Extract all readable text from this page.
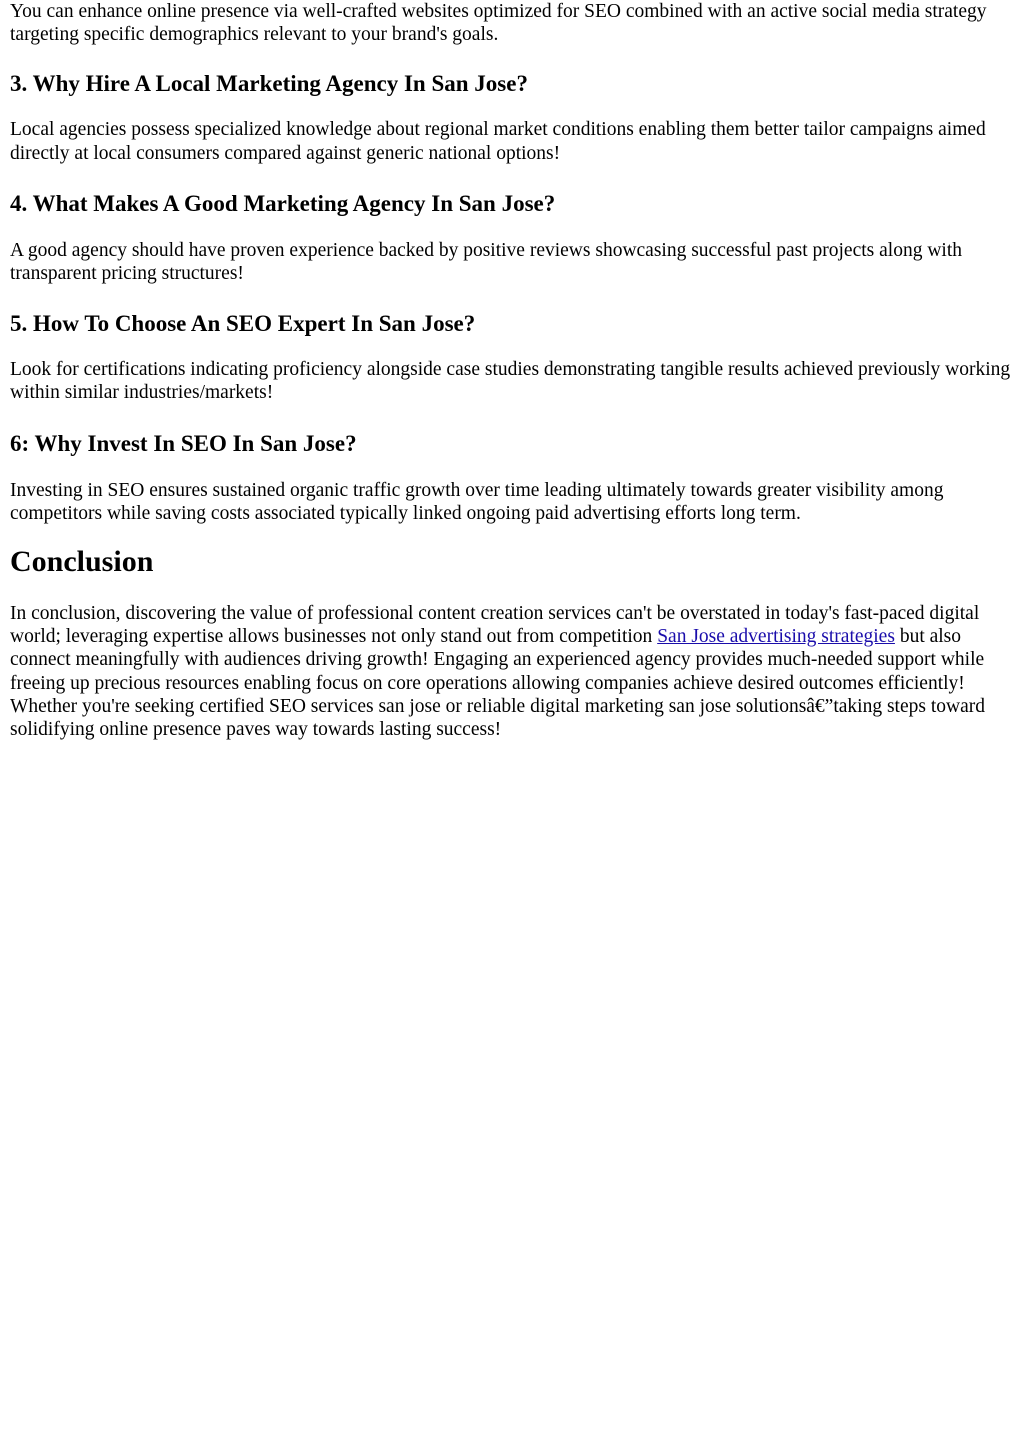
You can enhance online presence via well-crafted websites optimized for SEO combined with an active social media strategy targeting specific demographics relevant to your brand's goals.

3. Why Hire A Local Marketing Agency In San Jose?

Local agencies possess specialized knowledge about regional market conditions enabling them better tailor campaigns aimed directly at local consumers compared against generic national options!

4. What Makes A Good Marketing Agency In San Jose?

A good agency should have proven experience backed by positive reviews showcasing successful past projects along with transparent pricing structures!

5. How To Choose An SEO Expert In San Jose?

Look for certifications indicating proficiency alongside case studies demonstrating tangible results achieved previously working within similar industries/markets!

6: Why Invest In SEO In San Jose?

Investing in SEO ensures sustained organic traffic growth over time leading ultimately towards greater visibility among competitors while saving costs associated typically linked ongoing paid advertising efforts long term.

Conclusion

In conclusion, discovering the value of professional content creation services can't be overstated in today's fast-paced digital world; leveraging expertise allows businesses not only stand out from competition San Jose advertising strategies but also connect meaningfully with audiences driving growth! Engaging an experienced agency provides much-needed support while freeing up precious resources enabling focus on core operations allowing companies achieve desired outcomes efficiently! Whether you're seeking certified SEO services san jose or reliable digital marketing san jose solutionsâ€”taking steps toward solidifying online presence paves way towards lasting success!
